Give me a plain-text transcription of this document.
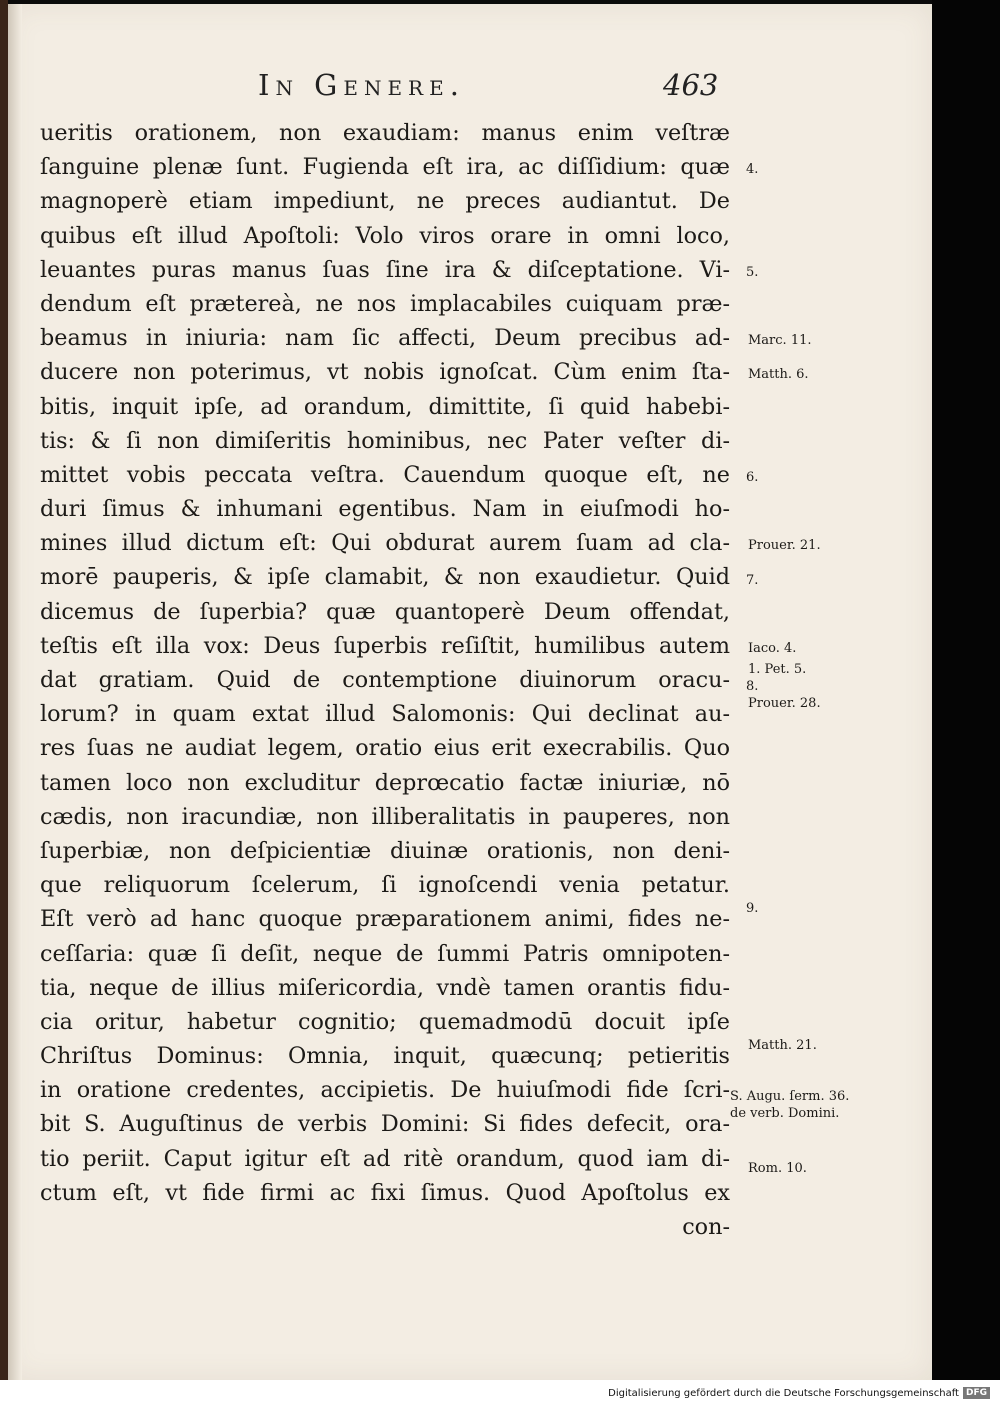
In Genere.	463
ueritis orationem, non exaudiam: manus enim veſtræ
ſanguine plenæ ſunt. Fugienda eſt ira, ac diſſidium: quæ
magnoperè etiam impediunt, ne preces audiantut. De
quibus eſt illud Apoſtoli: Volo viros orare in omni loco,
leuantes puras manus ſuas ſine ira & diſceptatione. Vi-
dendum eſt prætereà, ne nos implacabiles cuiquam præ-
beamus in iniuria: nam ſic affecti, Deum precibus ad-
ducere non poterimus, vt nobis ignoſcat. Cùm enim ſta-
bitis, inquit ipſe, ad orandum, dimittite, ſi quid habebi-
tis: & ſi non dimiſeritis hominibus, nec Pater veſter di-
mittet vobis peccata veſtra. Cauendum quoque eſt, ne
duri ſimus & inhumani egentibus. Nam in eiuſmodi ho-
mines illud dictum eſt: Qui obdurat aurem ſuam ad cla-
morē pauperis, & ipſe clamabit, & non exaudietur. Quid
dicemus de ſuperbia? quæ quantoperè Deum offendat,
teſtis eſt illa vox: Deus ſuperbis reſiſtit, humilibus autem
dat gratiam. Quid de contemptione diuinorum oracu-
lorum? in quam extat illud Salomonis: Qui declinat au-
res ſuas ne audiat legem, oratio eius erit execrabilis. Quo
tamen loco non excluditur deprœcatio factæ iniuriæ, nō
cædis, non iracundiæ, non illiberalitatis in pauperes, non
ſuperbiæ, non deſpicientiæ diuinæ orationis, non deni-
que reliquorum ſcelerum, ſi ignoſcendi venia petatur.
Eſt verò ad hanc quoque præparationem animi, fides ne-
ceſſaria: quæ ſi deſit, neque de ſummi Patris omnipoten-
tia, neque de illius miſericordia, vndè tamen orantis fidu-
cia oritur, habetur cognitio; quemadmodū docuit ipſe
Chriſtus Dominus: Omnia, inquit, quæcunq; petieritis
in oratione credentes, accipietis. De huiuſmodi fide ſcri-
bit S. Auguſtinus de verbis Domini: Si fides defecit, ora-
tio periit. Caput igitur eſt ad ritè orandum, quod iam di-
ctum eſt, vt fide firmi ac fixi ſimus. Quod Apoſtolus ex
con-
4.
5.
Marc. 11.
Matth. 6.
6.
Prouer. 21.
7.
Iaco. 4.
1. Pet. 5.
8.
Prouer. 28.
9.
Matth. 21.
S. Augu. ſerm. 36.
de verb. Domini.
Rom. 10.
Digitalisierung gefördert durch die Deutsche Forschungsgemeinschaft DFG
